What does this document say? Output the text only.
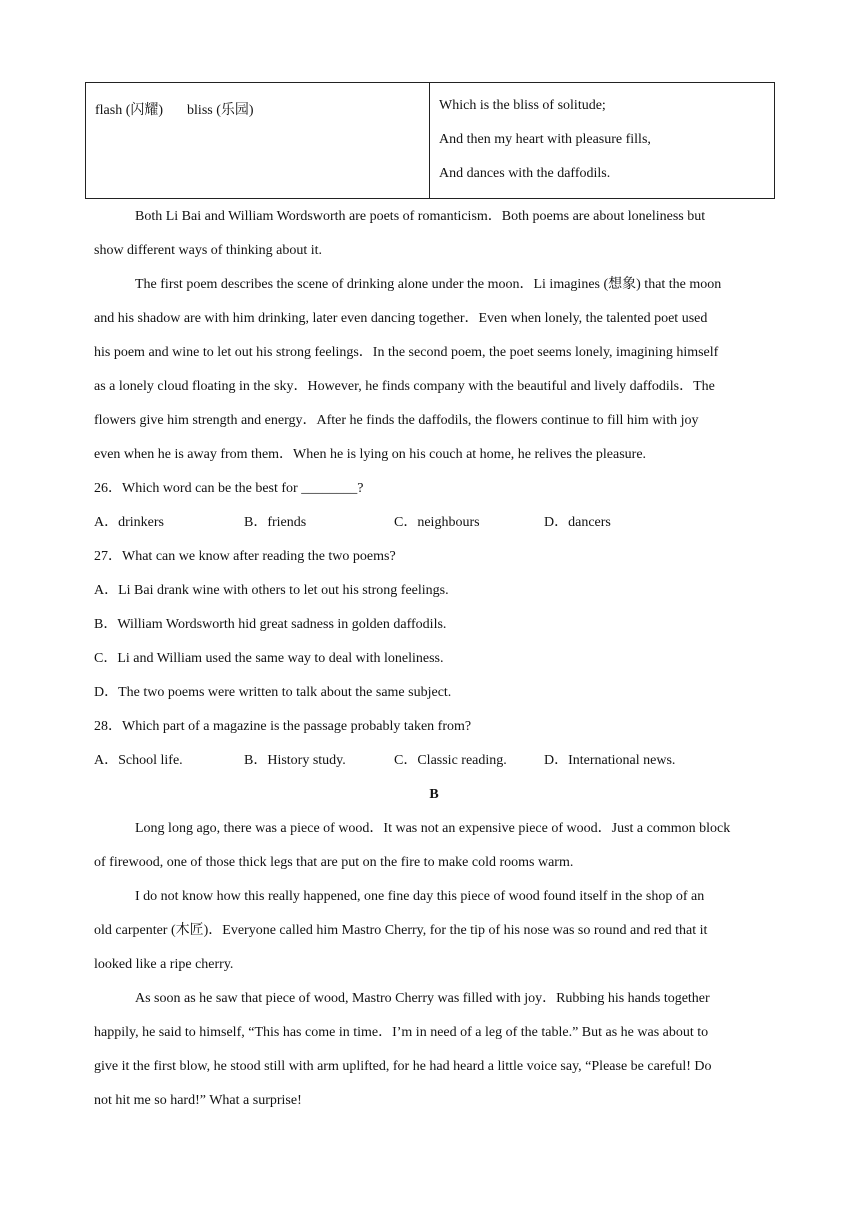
flash (闪耀) bliss (乐园)	Which is the bliss of solitude;
And then my heart with pleasure fills,
And dances with the daffodils.
Both Li Bai and William Wordsworth are poets of romanticism．Both poems are about loneliness but
show different ways of thinking about it.
The first poem describes the scene of drinking alone under the moon．Li imagines (想象) that the moon
and his shadow are with him drinking, later even dancing together．Even when lonely, the talented poet used
his poem and wine to let out his strong feelings．In the second poem, the poet seems lonely, imagining himself
as a lonely cloud floating in the sky．However, he finds company with the beautiful and lively daffodils．The
flowers give him strength and energy．After he finds the daffodils, the flowers continue to fill him with joy
even when he is away from them．When he is lying on his couch at home, he relives the pleasure.
26．Which word can be the best for ________?
A．drinkers	B．friends	C．neighbours	D．dancers
27．What can we know after reading the two poems?
A．Li Bai drank wine with others to let out his strong feelings.
B．William Wordsworth hid great sadness in golden daffodils.
C．Li and William used the same way to deal with loneliness.
D．The two poems were written to talk about the same subject.
28．Which part of a magazine is the passage probably taken from?
A．School life.	B．History study.	C．Classic reading.	D．International news.
B
Long long ago, there was a piece of wood．It was not an expensive piece of wood．Just a common block
of firewood, one of those thick legs that are put on the fire to make cold rooms warm.
I do not know how this really happened, one fine day this piece of wood found itself in the shop of an
old carpenter (木匠)．Everyone called him Mastro Cherry, for the tip of his nose was so round and red that it
looked like a ripe cherry.
As soon as he saw that piece of wood, Mastro Cherry was filled with joy．Rubbing his hands together
happily, he said to himself, “This has come in time．I’m in need of a leg of the table.” But as he was about to
give it the first blow, he stood still with arm uplifted, for he had heard a little voice say, “Please be careful! Do
not hit me so hard!” What a surprise!
